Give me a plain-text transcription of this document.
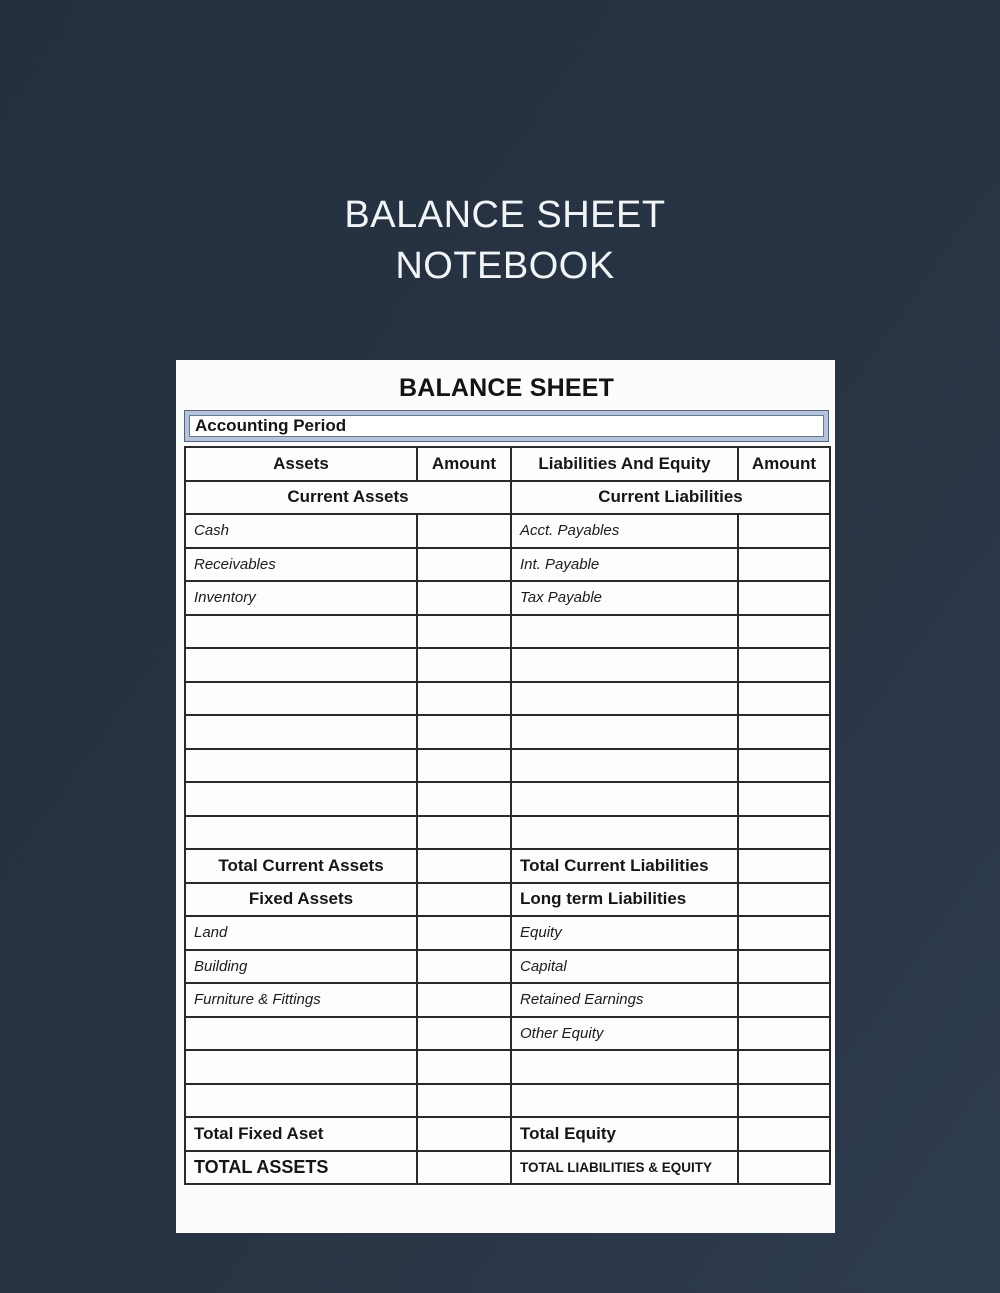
BALANCE SHEET
NOTEBOOK
BALANCE SHEET
Accounting Period
Assets	Amount	Liabilities And Equity	Amount
Current Assets		Current Liabilities	
Cash		Acct. Payables	
Receivables		Int. Payable	
Inventory		Tax Payable	

Total Current Assets		Total Current Liabilities	
Fixed Assets		Long term Liabilities	
Land		Equity	
Building		Capital	
Furniture & Fittings		Retained Earnings	
		Other Equity	

Total Fixed Aset		Total Equity	
TOTAL ASSETS		TOTAL LIABILITIES & EQUITY	
